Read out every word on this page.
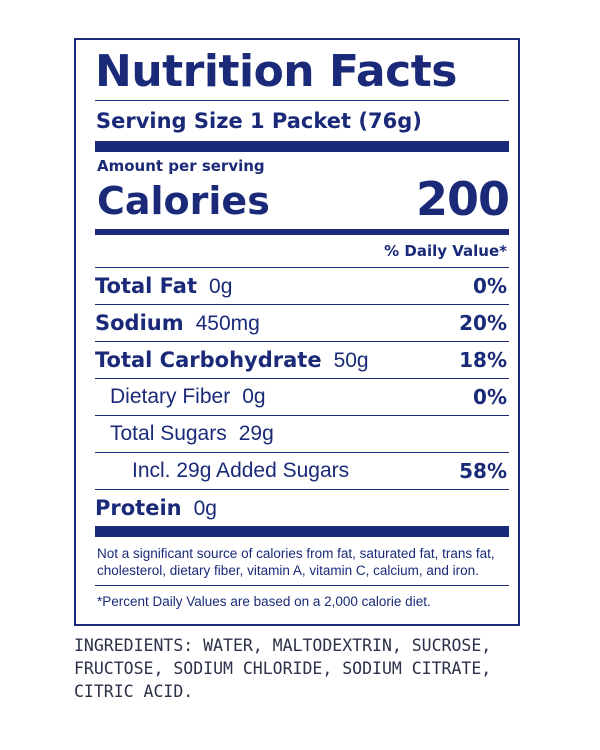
Nutrition Facts
Serving Size 1 Packet (76g)
Amount per serving
Calories	200
% Daily Value*
Total Fat 0g	0%
Sodium 450mg	20%
Total Carbohydrate 50g	18%
Dietary Fiber 0g	0%
Total Sugars 29g
Incl. 29g Added Sugars	58%
Protein 0g
Not a significant source of calories from fat, saturated fat, trans fat, cholesterol, dietary fiber, vitamin A, vitamin C, calcium, and iron.
*Percent Daily Values are based on a 2,000 calorie diet.
INGREDIENTS: WATER, MALTODEXTRIN, SUCROSE,
FRUCTOSE, SODIUM CHLORIDE, SODIUM CITRATE,
CITRIC ACID.
